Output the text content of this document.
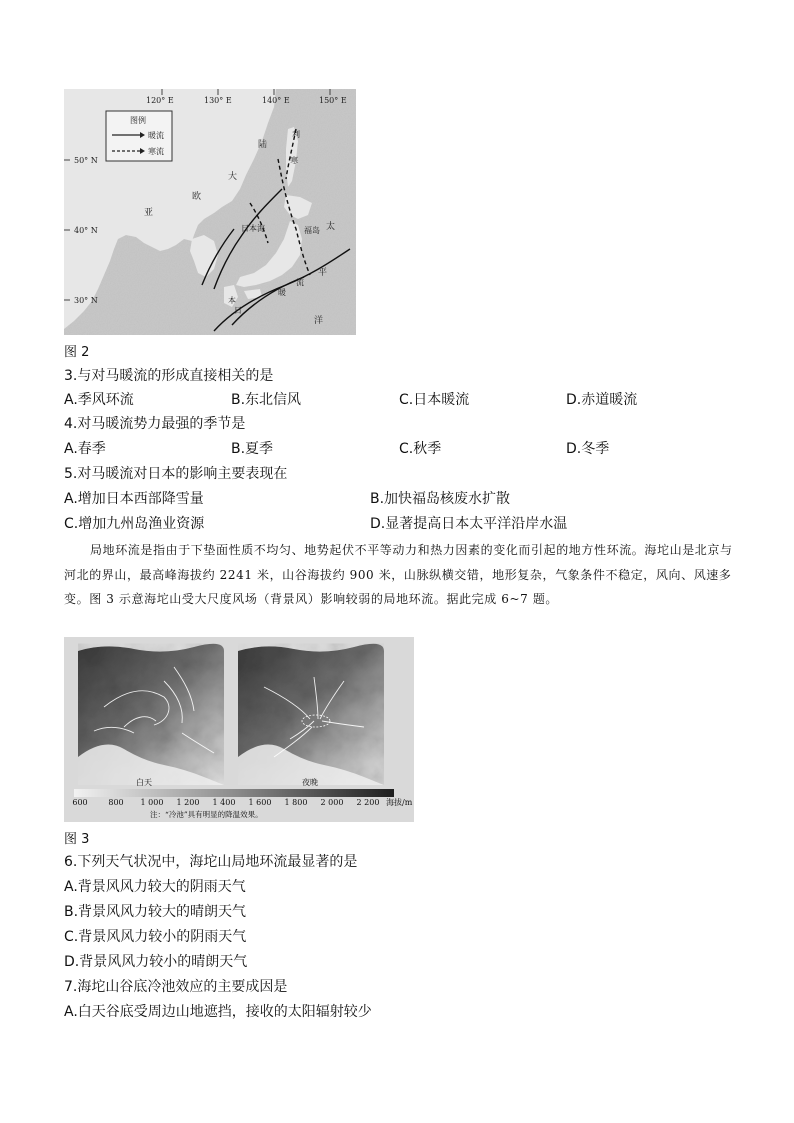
120° E	130° E	140° E	150° E
50° N
40° N
30° N
图例
暖流
寒流
大
陆
欧
亚
日本海	福岛 太
平
洋
日
本
暖
流
利
寒
图 2
3.与对马暖流的形成直接相关的是
A.季风环流	B.东北信风	C.日本暖流	D.赤道暖流
4.对马暖流势力最强的季节是
A.春季	B.夏季	C.秋季	D.冬季
5.对马暖流对日本的影响主要表现在
A.增加日本西部降雪量	B.加快福岛核废水扩散
C.增加九州岛渔业资源	D.显著提高日本太平洋沿岸水温
局地环流是指由于下垫面性质不均匀、地势起伏不平等动力和热力因素的变化而引起的地方性环流。海坨山是北京与河北的界山，最高峰海拔约 2241 米，山谷海拔约 900 米，山脉纵横交错，地形复杂，气象条件不稳定，风向、风速多变。图 3 示意海坨山受大尺度风场（背景风）影响较弱的局地环流。据此完成 6~7 题。
白天	夜晚
600	800 1 000 1 200 1 400 1 600 1 800 2 000 2 200 海拔/m
注：“冷池”具有明显的降温效果。
图 3
6.下列天气状况中，海坨山局地环流最显著的是
A.背景风风力较大的阴雨天气
B.背景风风力较大的晴朗天气
C.背景风风力较小的阴雨天气
D.背景风风力较小的晴朗天气
7.海坨山谷底冷池效应的主要成因是
A.白天谷底受周边山地遮挡，接收的太阳辐射较少
